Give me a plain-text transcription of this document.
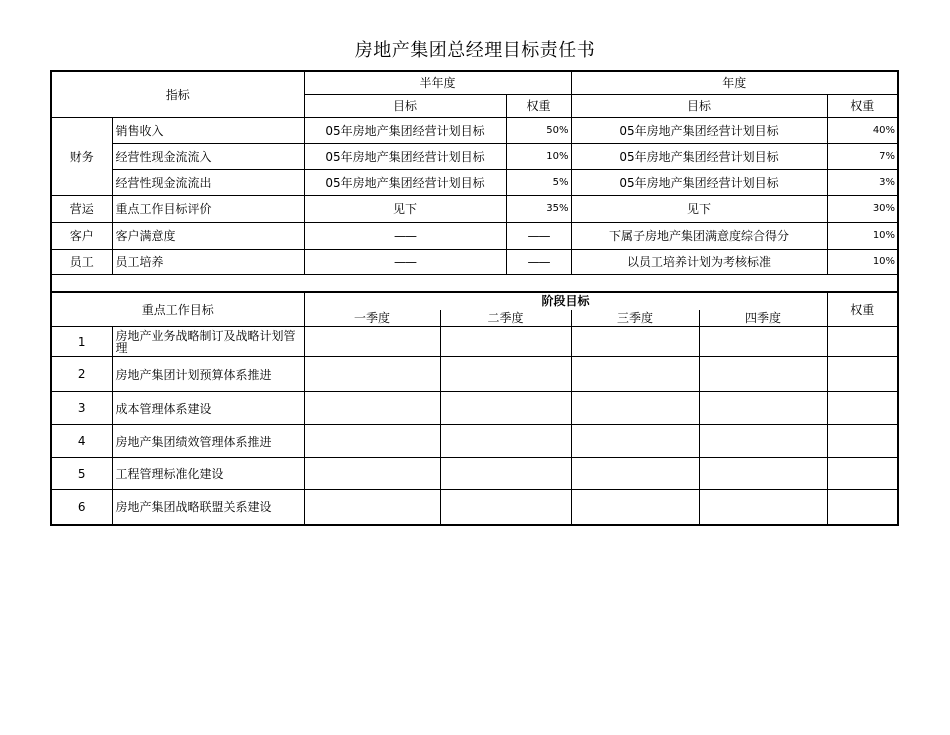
房地产集团总经理目标责任书
指标		半年度		年度	
		目标	权重	目标	权重
财务	销售收入	05年房地产集团经营计划目标	50%	05年房地产集团经营计划目标	40%
	经营性现金流流入	05年房地产集团经营计划目标	10%	05年房地产集团经营计划目标	7%
	经营性现金流流出	05年房地产集团经营计划目标	5%	05年房地产集团经营计划目标	3%
营运	重点工作目标评价	见下	35%	见下	30%
客户	客户满意度	——	——	下属子房地产集团满意度综合得分	10%
员工	员工培养	——	——	以员工培养计划为考核标准	10%

重点工作目标		阶段目标				权重
		一季度	二季度	三季度	四季度	
1	房地产业务战略制订及战略计划管理					
2	房地产集团计划预算体系推进					
3	成本管理体系建设					
4	房地产集团绩效管理体系推进					
5	工程管理标准化建设					
6	房地产集团战略联盟关系建设					
